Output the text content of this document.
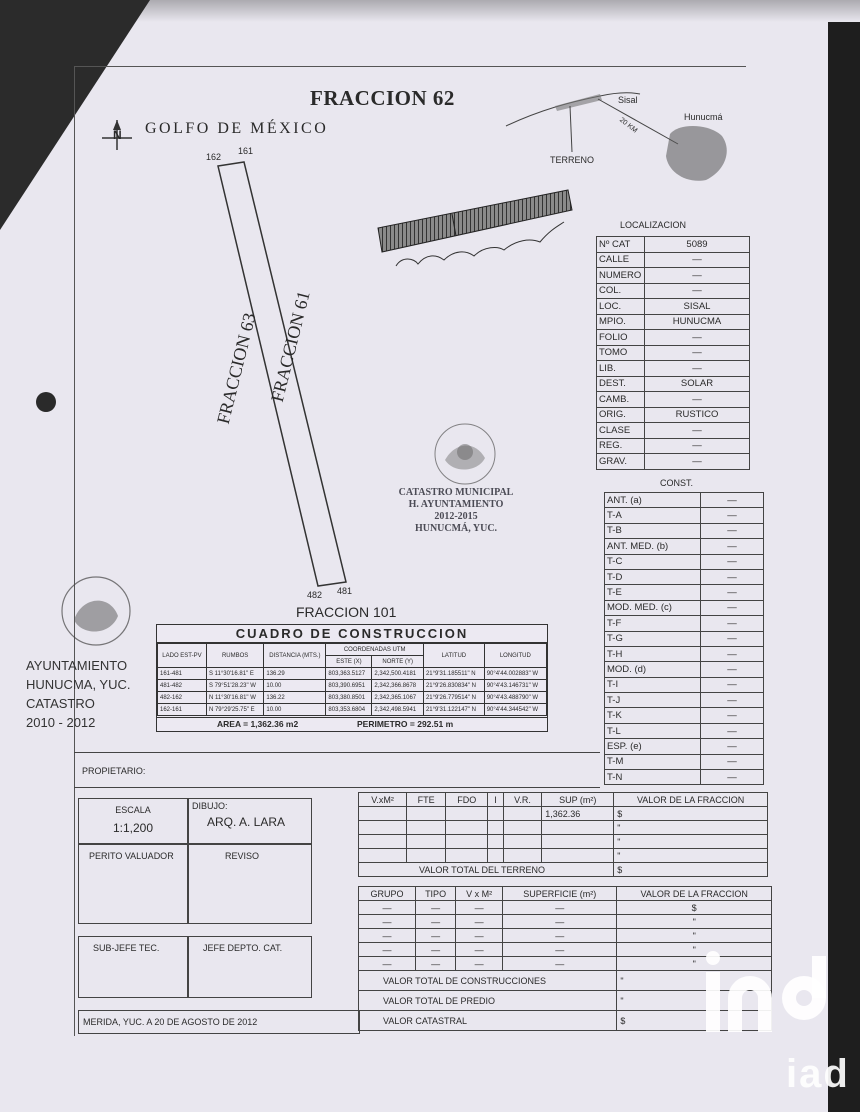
FRACCION 62
N GOLFO DE MÉXICO
Sisal
Hunucmá
20 KM
TERRENO
162
161
482 481
FRACCION 63 FRACCION 61
FRACCION 101
LOCALIZACION
Nº CAT	5089
CALLE	—
NUMERO	—
COL.	—
LOC.	SISAL
MPIO.	HUNUCMA
FOLIO	—
TOMO	—
LIB.	—
DEST.	SOLAR
CAMB.	—
ORIG.	RUSTICO
CLASE	—
REG.	—
GRAV.	—
CONST.
ANT. (a)	—
T-A	—
T-B	—
ANT. MED. (b)	—
T-C	—
T-D	—
T-E	—
MOD. MED. (c)	—
T-F	—
T-G	—
T-H	—
MOD. (d)	—
T-I	—
T-J	—
T-K	—
T-L	—
ESP. (e)	—
T-M	—
T-N	—
CATASTRO MUNICIPAL
H. AYUNTAMIENTO
2012-2015
HUNUCMÁ, YUC.
AYUNTAMIENTO
HUNUCMA, YUC.
CATASTRO
2010 - 2012
CUADRO DE CONSTRUCCION
LADO EST-PV	RUMBOS	DISTANCIA (MTS.)	COORDENADAS UTM		LATITUD	LONGITUD
			ESTE (X)	NORTE (Y)		
161-481	S 11°30'16.81" E	136.29	803,363.5127	2,342,500.4181	21°9'31.185511" N	90°4'44.002883" W
481-482	S 79°51'28.23" W	10.00	803,390.6951	2,342,366.8678	21°9'26.830834" N	90°4'43.146731" W
482-162	N 11°30'16.81" W	136.22	803,380.8501	2,342,365.1067	21°9'26.779514" N	90°4'43.488790" W
162-161	N 79°29'25.75" E	10.00	803,353.6804	2,342,498.5941	21°9'31.122147" N	90°4'44.344542" W
AREA = 1,362.36 m2	PERIMETRO = 292.51 m
PROPIETARIO:
ESCALA
1:1,200
DIBUJO:
ARQ. A. LARA
PERITO VALUADOR	REVISO
SUB-JEFE TEC.	JEFE DEPTO. CAT.
MERIDA, YUC. A 20 DE AGOSTO DE 2012
V.xM²	FTE	FDO	I	V.R.	SUP (m²)	VALOR DE LA FRACCION
					1,362.36	$
						"
						"
						"
VALOR TOTAL DEL TERRENO						$
GRUPO	TIPO	V x M²	SUPERFICIE (m²)	VALOR DE LA FRACCION
—	—	—	—	$
—	—	—	—	"
—	—	—	—	"
—	—	—	—	"
—	—	—	—	"
VALOR TOTAL DE CONSTRUCCIONES				"
VALOR TOTAL DE PREDIO				"
VALOR CATASTRAL				$
iad
